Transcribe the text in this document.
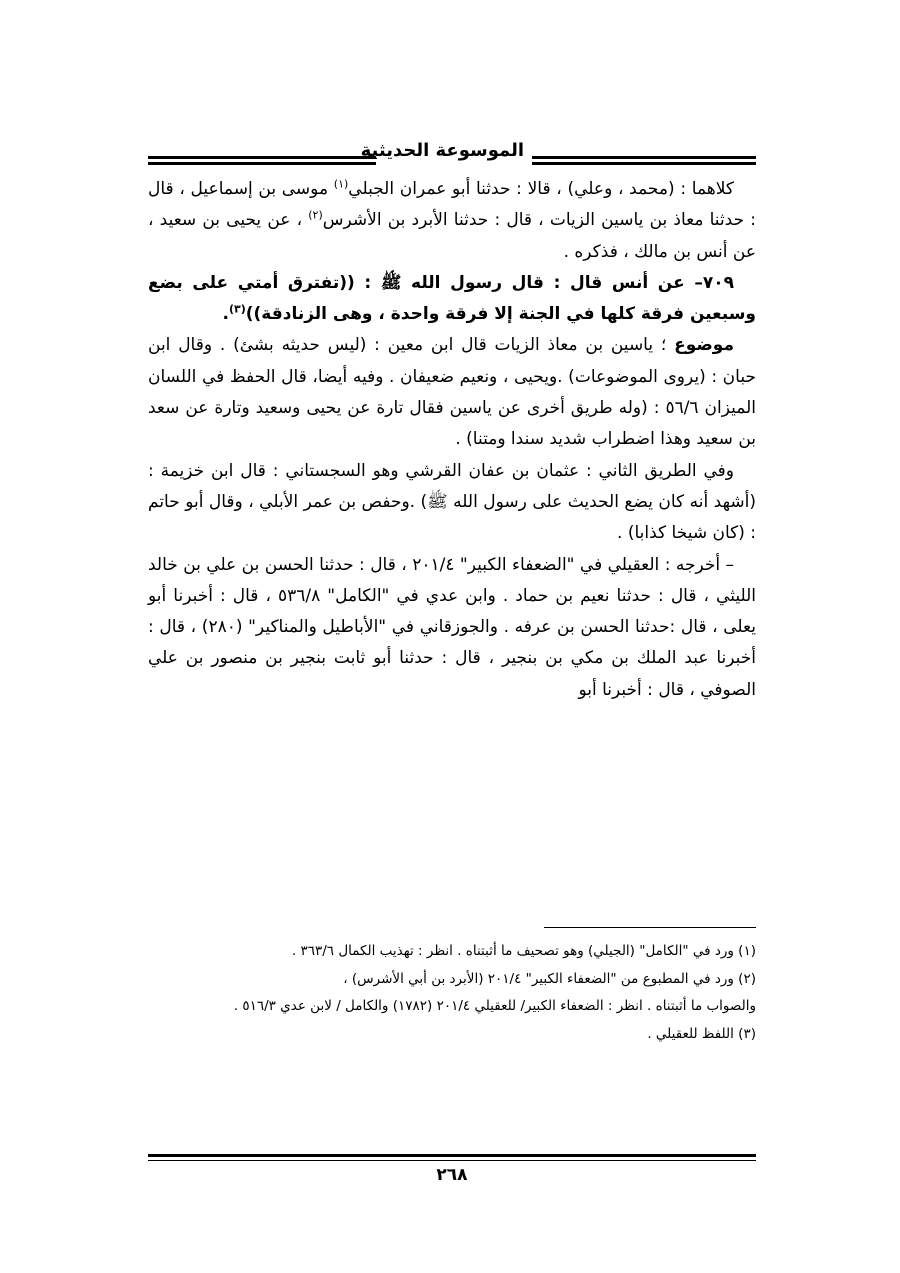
الموسوعة الحديثية

كلاهما : (محمد ، وعلي) ، قالا : حدثنا أبو عمران الجبلي$^{(١)}$ موسى بن إسماعيل ، قال : حدثنا معاذ بن ياسين الزيات ، قال : حدثنا الأبرد بن الأشرس$^{(٢)}$ ، عن يحيى بن سعيد ، عن أنس بن مالك ، فذكره .

٧٠٩– عن أنس قال : قال رسول الله ﷺ : ((تفترق أمتي على بضع وسبعين فرقة كلها في الجنة إلا فرقة واحدة ، وهى الزنادقة))$^{(٣)}$.

موضوع ؛ ياسين بن معاذ الزيات قال ابن معين : (ليس حديثه بشئ) . وقال ابن حبان : (يروى الموضوعات) .ويحيى ، ونعيم ضعيفان . وفيه أيضا، قال الحفظ في اللسان الميزان ٥٦/٦ : (وله طريق أخرى عن ياسين فقال تارة عن يحيى وسعيد وتارة عن سعد بن سعيد وهذا اضطراب شديد سندا ومتنا) .

وفي الطريق الثاني : عثمان بن عفان القرشي وهو السجستاني : قال ابن خزيمة : (أشهد أنه كان يضع الحديث على رسول الله ﷺ) .وحفص بن عمر الأبلي ، وقال أبو حاتم : (كان شيخا كذابا) .

– أخرجه : العقيلي في "الضعفاء الكبير" ٢٠١/٤ ، قال : حدثنا الحسن بن علي بن خالد الليثي ، قال : حدثنا نعيم بن حماد . وابن عدي في "الكامل" ٥٣٦/٨ ، قال : أخبرنا أبو يعلى ، قال :حدثنا الحسن بن عرفه . والجوزقاني في "الأباطيل والمناكير" (٢٨٠) ، قال : أخبرنا عبد الملك بن مكي بن بنجير ، قال : حدثنا أبو ثابت بنجير بن منصور بن علي الصوفي ، قال : أخبرنا أبو

(١) ورد في "الكامل" (الجيلي) وهو تصحيف ما أثبتناه . انظر : تهذيب الكمال ٣٦٣/٦ .

(٢) ورد في المطبوع من "الضعفاء الكبير" ٢٠١/٤ (الأبرد بن أبي الأشرس) ،

والصواب ما أثبتناه . انظر : الضعفاء الكبير/ للعقيلي ٢٠١/٤ (١٧٨٢) والكامل / لابن عدي ٥١٦/٣ .

(٣) اللفظ للعقيلي .

٢٦٨
